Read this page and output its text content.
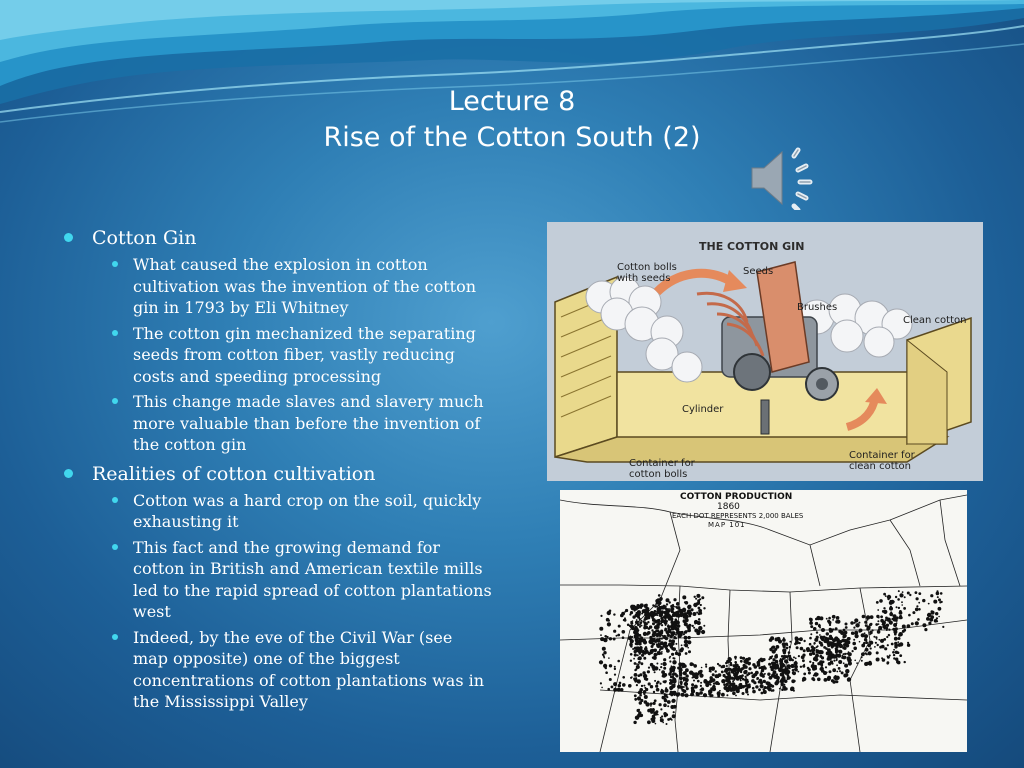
Lecture 8
Rise of the Cotton South (2)
Cotton Gin
What caused the explosion in cotton cultivation was the invention of the cotton gin in 1793 by Eli Whitney
The cotton gin mechanized the separating seeds from cotton fiber, vastly reducing costs and speeding processing
This change made slaves and slavery much more valuable than before the invention of the cotton gin
Realities of cotton cultivation
Cotton was a hard crop on the soil, quickly exhausting it
This fact and the growing demand for cotton in British and American textile mills led to the rapid spread of cotton plantations west
Indeed, by the eve of the Civil War (see map opposite) one of the biggest concentrations of cotton plantations was in the Mississippi Valley
THE COTTON GIN
Cotton bolls
with seeds
Seeds
Brushes
Clean cotton
Cylinder
Container for
cotton bolls
Container for
clean cotton
COTTON PRODUCTION
1860
EACH DOT REPRESENTS 2,000 BALES
MAP 101
